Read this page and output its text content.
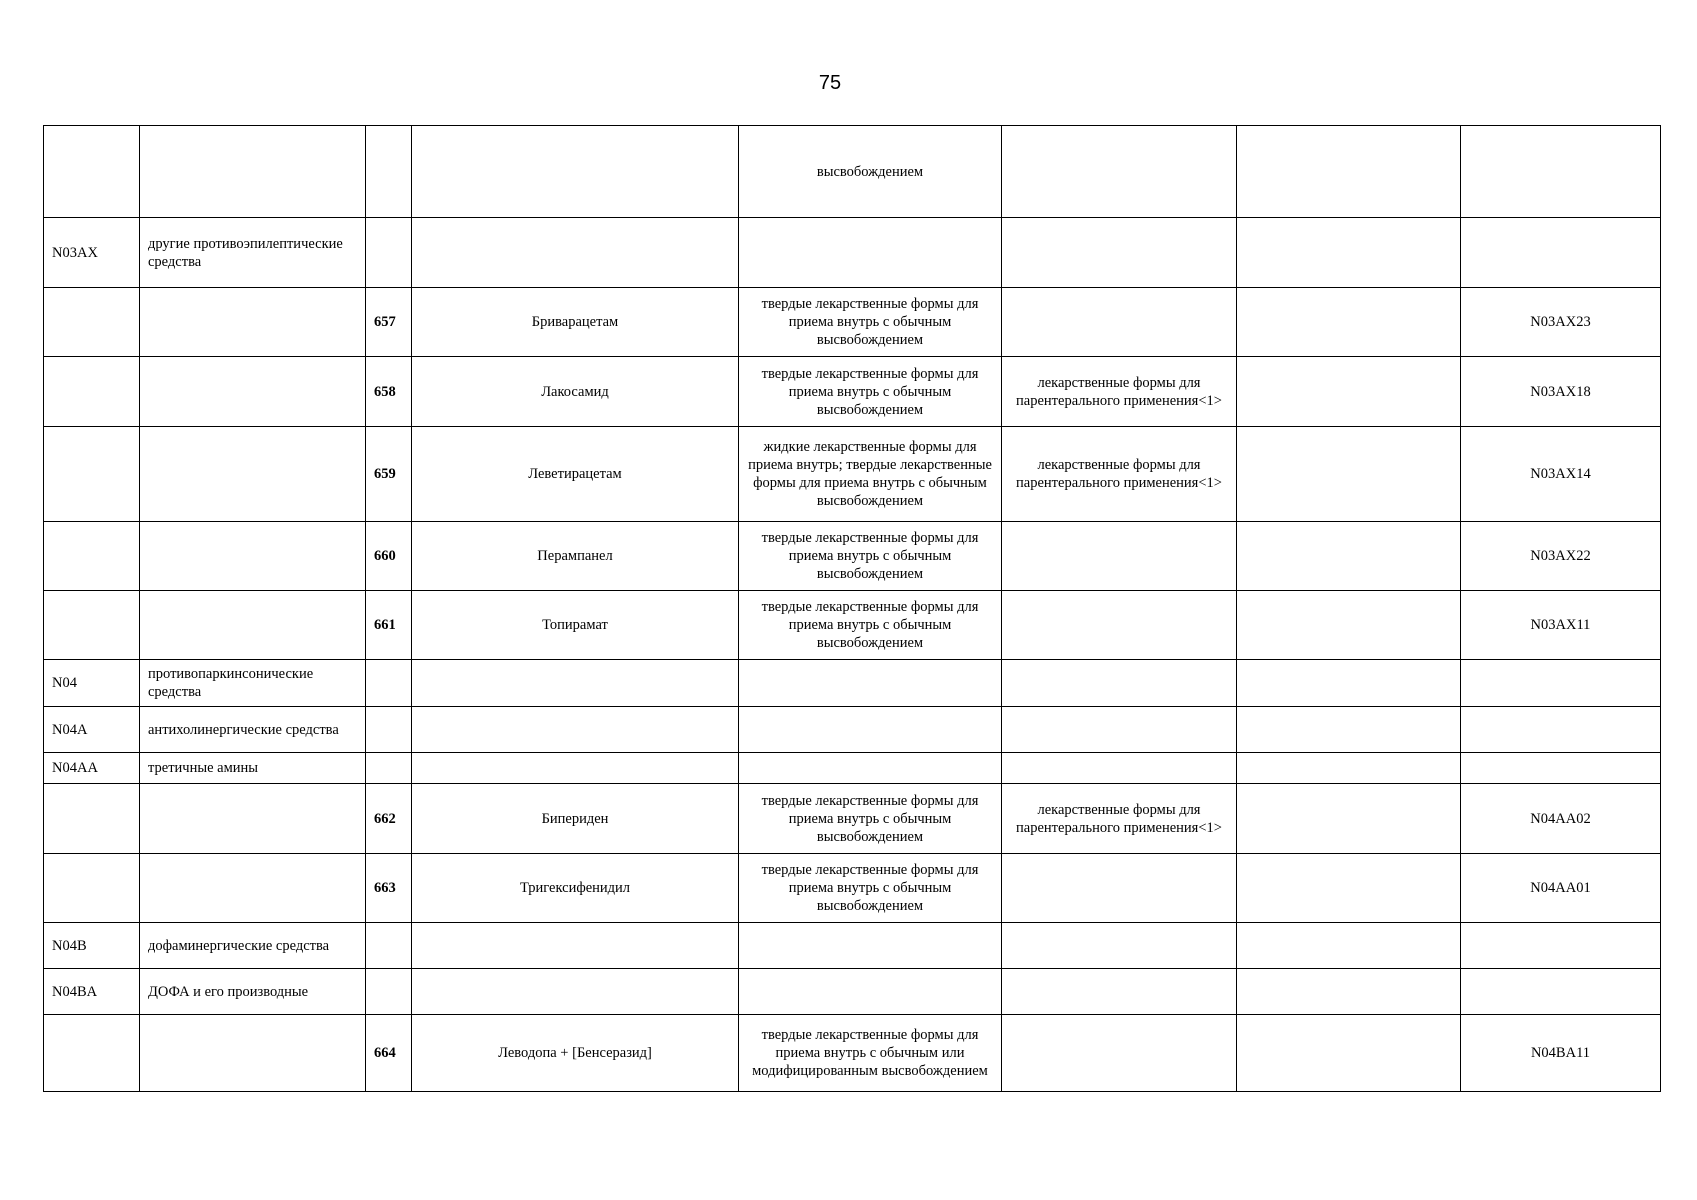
75
				высвобождением			
N03AX	другие противоэпилептические средства						
		657	Бриварацетам	твердые лекарственные формы для приема внутрь с обычным высвобождением			N03AX23
		658	Лакосамид	твердые лекарственные формы для приема внутрь с обычным высвобождением	лекарственные формы для парентерального применения<1>		N03AX18
		659	Леветирацетам	жидкие лекарственные формы для приема внутрь; твердые лекарственные формы для приема внутрь с обычным высвобождением	лекарственные формы для парентерального применения<1>		N03AX14
		660	Перампанел	твердые лекарственные формы для приема внутрь с обычным высвобождением			N03AX22
		661	Топирамат	твердые лекарственные формы для приема внутрь с обычным высвобождением			N03AX11
N04	противопаркинсонические средства						
N04A	антихолинергические средства						
N04AA	третичные амины						
		662	Бипериден	твердые лекарственные формы для приема внутрь с обычным высвобождением	лекарственные формы для парентерального применения<1>		N04AA02
		663	Тригексифенидил	твердые лекарственные формы для приема внутрь с обычным высвобождением			N04AA01
N04B	дофаминергические средства						
N04BA	ДОФА и его производные						
		664	Леводопа + [Бенсеразид]	твердые лекарственные формы для приема внутрь с обычным или модифицированным высвобождением			N04BA11
